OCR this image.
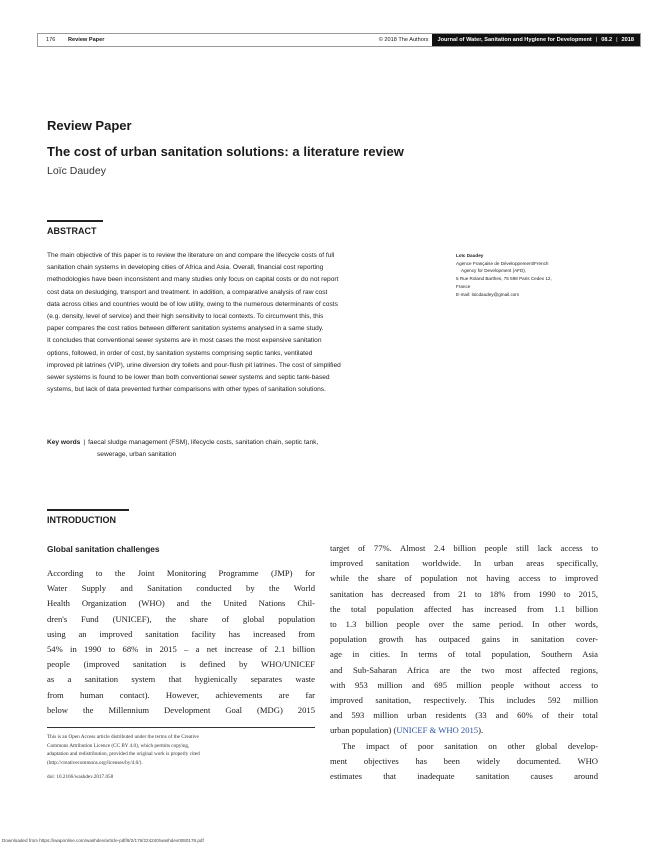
176	Review Paper	© 2018 The Authors Journal of Water, Sanitation and Hygiene for Development | 08.2 | 2018
Review Paper
The cost of urban sanitation solutions: a literature review
Loïc Daudey
ABSTRACT
The main objective of this paper is to review the literature on and compare the lifecycle costs of full
sanitation chain systems in developing cities of Africa and Asia. Overall, financial cost reporting
methodologies have been inconsistent and many studies only focus on capital costs or do not report
cost data on desludging, transport and treatment. In addition, a comparative analysis of raw cost
data across cities and countries would be of low utility, owing to the numerous determinants of costs
(e.g. density, level of service) and their high sensitivity to local contexts. To circumvent this, this
paper compares the cost ratios between different sanitation systems analysed in a same study.
It concludes that conventional sewer systems are in most cases the most expensive sanitation
options, followed, in order of cost, by sanitation systems comprising septic tanks, ventilated
improved pit latrines (VIP), urine diversion dry toilets and pour-flush pit latrines. The cost of simplified
sewer systems is found to be lower than both conventional sewer systems and septic tank-based
systems, but lack of data prevented further comparisons with other types of sanitation solutions.
Key words | faecal sludge management (FSM), lifecycle costs, sanitation chain, septic tank,
sewerage, urban sanitation
Loïc Daudey
Agence Française de Développement/French
Agency for Development (AFD),
5 Rue Roland Barthes, 75 598 Paris Cedex 12,
France
E-mail: loicdaudey@gmail.com
INTRODUCTION
Global sanitation challenges
According to the Joint Monitoring Programme (JMP) for
Water Supply and Sanitation conducted by the World
Health Organization (WHO) and the United Nations Chil-
dren's Fund (UNICEF), the share of global population
using an improved sanitation facility has increased from
54% in 1990 to 68% in 2015 – a net increase of 2.1 billion
people (improved sanitation is defined by WHO/UNICEF
as a sanitation system that hygienically separates waste
from human contact). However, achievements are far
below the Millennium Development Goal (MDG) 2015
target of 77%. Almost 2.4 billion people still lack access to
improved sanitation worldwide. In urban areas specifically,
while the share of population not having access to improved
sanitation has decreased from 21 to 18% from 1990 to 2015,
the total population affected has increased from 1.1 billion
to 1.3 billion people over the same period. In other words,
population growth has outpaced gains in sanitation cover-
age in cities. In terms of total population, Southern Asia
and Sub-Saharan Africa are the two most affected regions,
with 953 million and 695 million people without access to
improved sanitation, respectively. This includes 592 million
and 593 million urban residents (33 and 60% of their total
urban population) (UNICEF & WHO 2015).
The impact of poor sanitation on other global develop-
ment objectives has been widely documented. WHO
estimates that inadequate sanitation causes around
This is an Open Access article distributed under the terms of the Creative
Commons Attribution Licence (CC BY 4.0), which permits copying,
adaptation and redistribution, provided the original work is properly cited
(http://creativecommons.org/licenses/by/4.0/).
doi: 10.2166/washdev.2017.058
Downloaded from https://iwaponline.com/washdev/article-pdf/8/2/176/224240/washdev0080176.pdf
